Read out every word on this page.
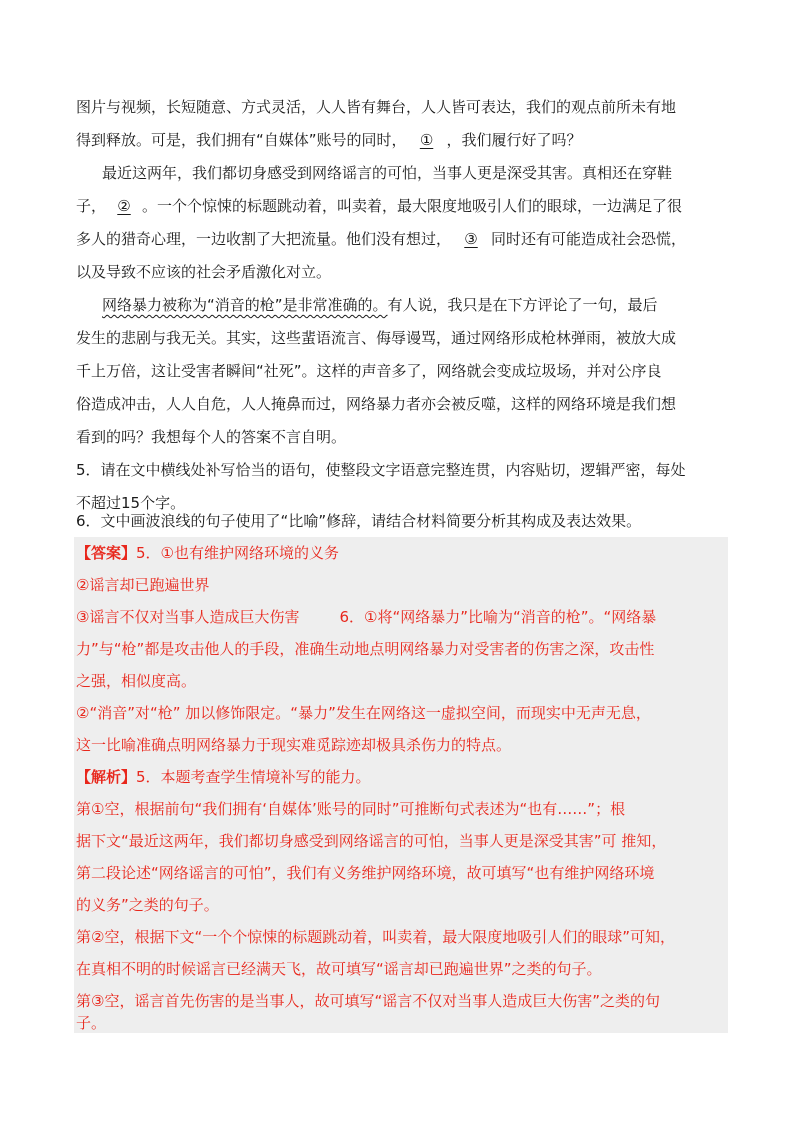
图片与视频，长短随意、方式灵活，人人皆有舞台，人人皆可表达，我们的观点前所未有地
得到释放。可是，我们拥有“自媒体”账号的同时， ① ，我们履行好了吗？
最近这两年，我们都切身感受到网络谣言的可怕，当事人更是深受其害。真相还在穿鞋
子， ② 。一个个惊悚的标题跳动着，叫卖着，最大限度地吸引人们的眼球，一边满足了很
多人的猎奇心理，一边收割了大把流量。他们没有想过， ③ 同时还有可能造成社会恐慌，
以及导致不应该的社会矛盾激化对立。
网络暴力被称为“消音的枪”是非常准确的。有人说，我只是在下方评论了一句，最后
发生的悲剧与我无关。其实，这些蜚语流言、侮辱谩骂，通过网络形成枪林弹雨，被放大成
千上万倍，这让受害者瞬间“社死”。这样的声音多了，网络就会变成垃圾场，并对公序良
俗造成冲击，人人自危，人人掩鼻而过，网络暴力者亦会被反噬，这样的网络环境是我们想
看到的吗？我想每个人的答案不言自明。
5．请在文中横线处补写恰当的语句，使整段文字语意完整连贯，内容贴切，逻辑严密，每处
不超过15个字。
6．文中画波浪线的句子使用了“比喻”修辞，请结合材料简要分析其构成及表达效果。
【答案】5．①也有维护网络环境的义务
②谣言却已跑遍世界
③谣言不仅对当事人造成巨大伤害	6．①将“网络暴力”比喻为“消音的枪”。“网络暴
力”与“枪”都是攻击他人的手段，准确生动地点明网络暴力对受害者的伤害之深，攻击性
之强，相似度高。
②“消音”对“枪” 加以修饰限定。“暴力”发生在网络这一虚拟空间，而现实中无声无息，
这一比喻准确点明网络暴力于现实难觅踪迹却极具杀伤力的特点。
【解析】5．本题考查学生情境补写的能力。
第①空，根据前句“我们拥有‘自媒体’账号的同时”可推断句式表述为“也有……”；根
据下文“最近这两年，我们都切身感受到网络谣言的可怕，当事人更是深受其害”可 推知，
第二段论述“网络谣言的可怕”，我们有义务维护网络环境，故可填写“也有维护网络环境
的义务”之类的句子。
第②空，根据下文“一个个惊悚的标题跳动着，叫卖着，最大限度地吸引人们的眼球”可知，
在真相不明的时候谣言已经满天飞，故可填写“谣言却已跑遍世界”之类的句子。
第③空，谣言首先伤害的是当事人，故可填写“谣言不仅对当事人造成巨大伤害”之类的句
子。
